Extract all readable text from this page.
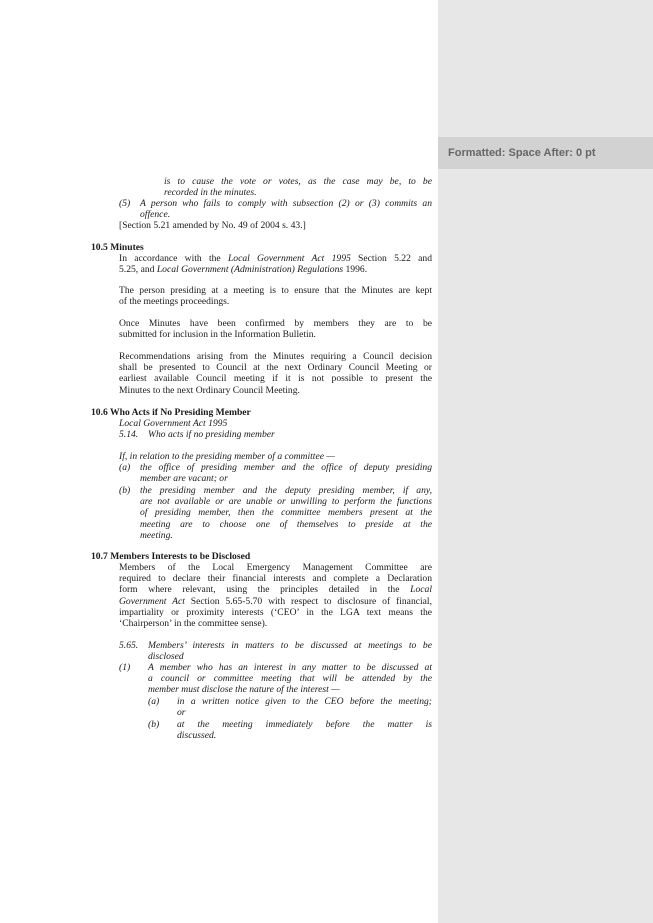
is to cause the vote or votes, as the case may be, to be

recorded in the minutes.

(5) A person who fails to comply with subsection (2) or (3) commits an

offence.

[Section 5.21 amended by No. 49 of 2004 s. 43.]
10.5 Minutes

In accordance with the Local Government Act 1995 Section 5.22 and

5.25, and Local Government (Administration) Regulations 1996.

The person presiding at a meeting is to ensure that the Minutes are kept

of the meetings proceedings.

Once Minutes have been confirmed by members they are to be

submitted for inclusion in the Information Bulletin.

Recommendations arising from the Minutes requiring a Council decision

shall be presented to Council at the next Ordinary Council Meeting or

earliest available Council meeting if it is not possible to present the

Minutes to the next Ordinary Council Meeting.

10.6 Who Acts if No Presiding Member
Local Government Act 1995
5.14. Who acts if no presiding member
If, in relation to the presiding member of a committee —
(a) the office of presiding member and the office of deputy presiding

member are vacant; or

(b) the presiding member and the deputy presiding member, if any,

are not available or are unable or unwilling to perform the functions

of presiding member, then the committee members present at the

meeting are to choose one of themselves to preside at the

meeting.

10.7 Members Interests to be Disclosed

Members of the Local Emergency Management Committee are

required to declare their financial interests and complete a Declaration

form where relevant, using the principles detailed in the Local

Government Act Section 5.65-5.70 with respect to disclosure of financial,

impartiality or proximity interests (‘CEO’ in the LGA text means the

‘Chairperson’ in the committee sense).

5.65. Members’ interests in matters to be discussed at meetings to be

disclosed

(1) A member who has an interest in any matter to be discussed at

a council or committee meeting that will be attended by the

member must disclose the nature of the interest —

(a) in a written notice given to the CEO before the meeting;

or

(b) at the meeting immediately before the matter is

discussed.

Formatted: Space After: 0 pt
